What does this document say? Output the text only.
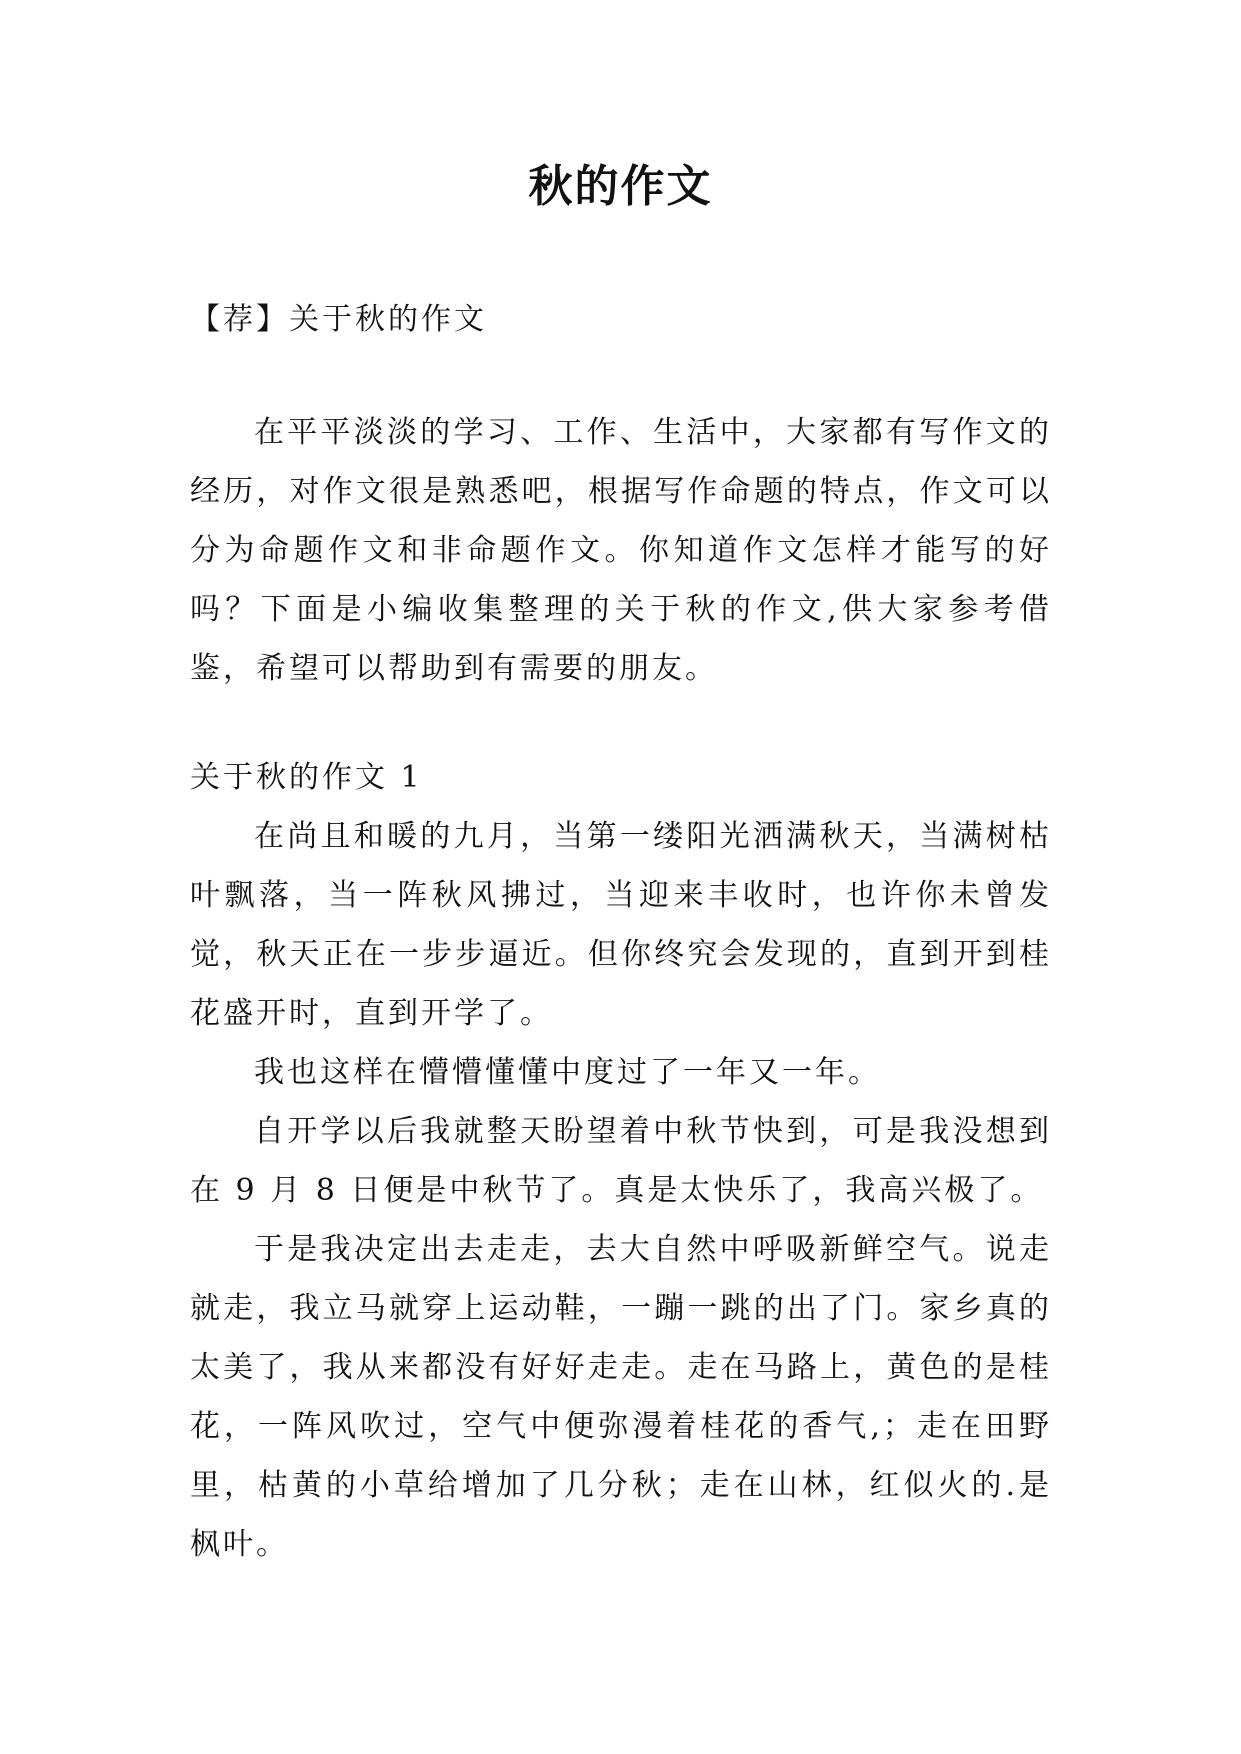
秋的作文

【荐】关于秋的作文

在平平淡淡的学习、工作、生活中，大家都有写作文的经历，对作文很是熟悉吧，根据写作命题的特点，作文可以分为命题作文和非命题作文。你知道作文怎样才能写的好吗？下面是小编收集整理的关于秋的作文,供大家参考借鉴，希望可以帮助到有需要的朋友。

关于秋的作文 1

在尚且和暖的九月，当第一缕阳光洒满秋天，当满树枯叶飘落，当一阵秋风拂过，当迎来丰收时，也许你未曾发觉，秋天正在一步步逼近。但你终究会发现的，直到开到桂花盛开时，直到开学了。

我也这样在懵懵懂懂中度过了一年又一年。

自开学以后我就整天盼望着中秋节快到，可是我没想到在 9 月 8 日便是中秋节了。真是太快乐了，我高兴极了。

于是我决定出去走走，去大自然中呼吸新鲜空气。说走就走，我立马就穿上运动鞋，一蹦一跳的出了门。家乡真的太美了，我从来都没有好好走走。走在马路上，黄色的是桂花，一阵风吹过，空气中便弥漫着桂花的香气,；走在田野里，枯黄的小草给增加了几分秋；走在山林，红似火的.是枫叶。
